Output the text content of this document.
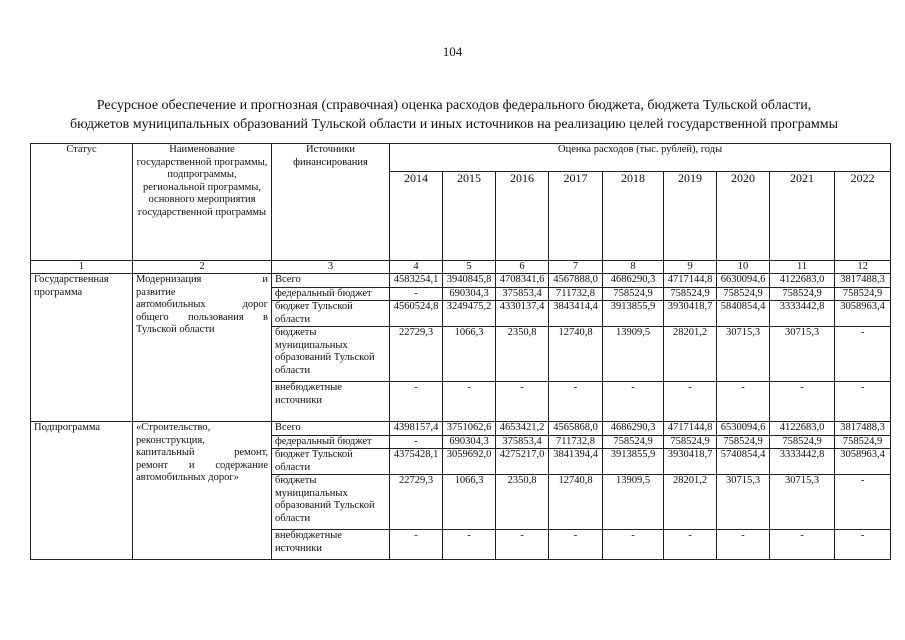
104
Ресурсное обеспечение и прогнозная (справочная) оценка расходов федерального бюджета, бюджета Тульской области,
бюджетов муниципальных образований Тульской области и иных источников на реализацию целей государственной программы
Статус	Наименование государственной программы, подпрограммы, региональной программы, основного мероприятия государственной программы	Источники финансирования	Оценка расходов (тыс. рублей), годы								
			2014	2015	2016	2017	2018	2019	2020	2021	2022
1	2	3	4	5	6	7	8	9	10	11	12
Государственная программа	Модернизация и
развитие
автомобильных дорог
общего пользования в
Тульской области	Всего	4583254,1	3940845,8	4708341,6	4567888,0	4686290,3	4717144,8	6630094,6	4122683,0	3817488,3
		федеральный бюджет	-	690304,3	375853,4	711732,8	758524,9	758524,9	758524,9	758524,9	758524,9
		бюджет Тульской области	4560524,8	3249475,2	4330137,4	3843414,4	3913855,9	3930418,7	5840854,4	3333442,8	3058963,4
		бюджеты муниципальных образований Тульской области	22729,3	1066,3	2350,8	12740,8	13909,5	28201,2	30715,3	30715,3	-
		внебюджетные источники	-	-	-	-	-	-	-	-	-
Подпрограмма	«Строительство,
реконструкция,
капитальный ремонт,
ремонт и содержание
автомобильных дорог»	Всего	4398157,4	3751062,6	4653421,2	4565868,0	4686290,3	4717144,8	6530094,6	4122683,0	3817488,3
		федеральный бюджет	-	690304,3	375853,4	711732,8	758524,9	758524,9	758524,9	758524,9	758524,9
		бюджет Тульской области	4375428,1	3059692,0	4275217,0	3841394,4	3913855,9	3930418,7	5740854,4	3333442,8	3058963,4
		бюджеты муниципальных образований Тульской области	22729,3	1066,3	2350,8	12740,8	13909,5	28201,2	30715,3	30715,3	-
		внебюджетные источники	-	-	-	-	-	-	-	-	-
